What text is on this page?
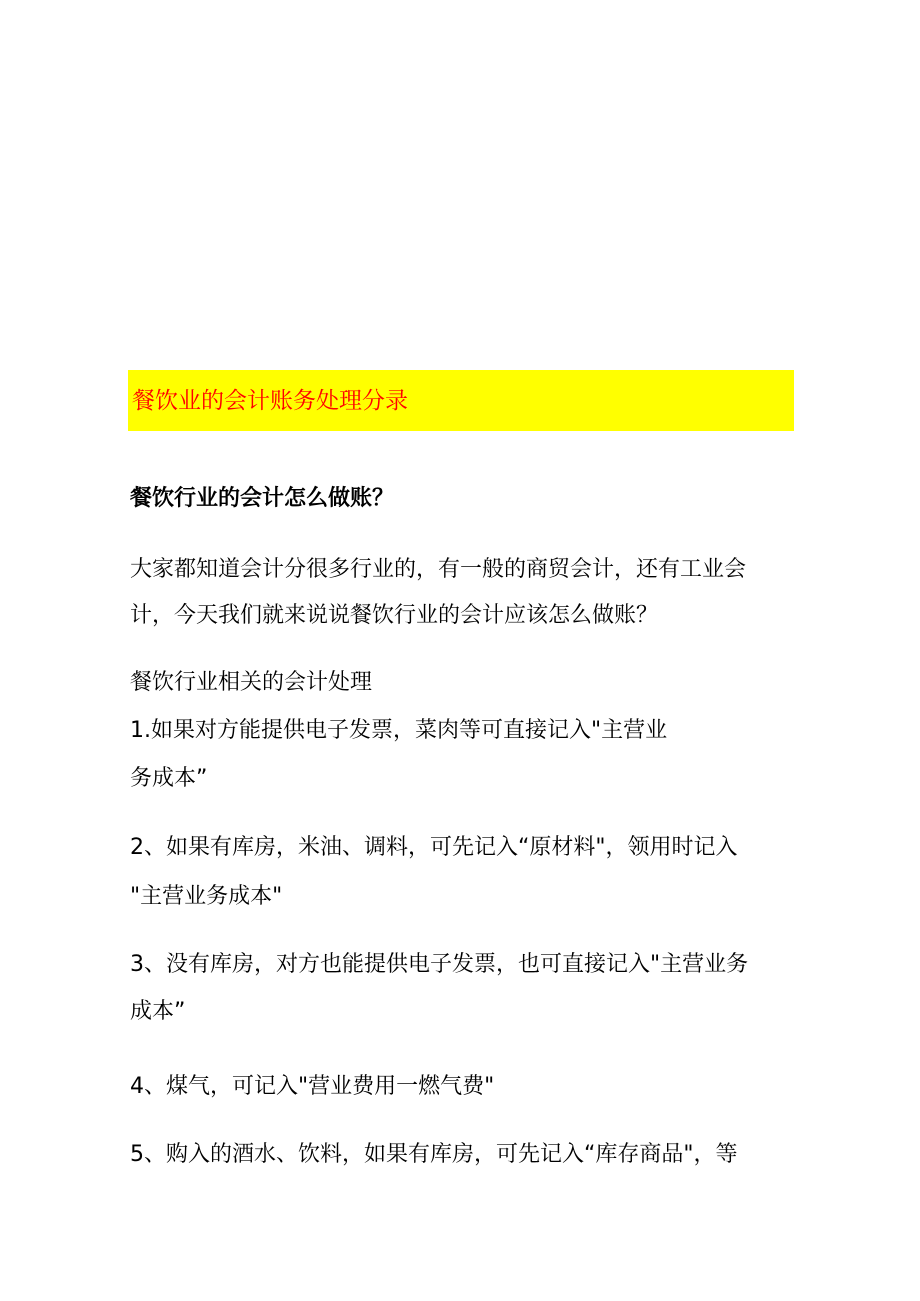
餐饮业的会计账务处理分录
餐饮行业的会计怎么做账？
大家都知道会计分很多行业的，有一般的商贸会计，还有工业会
计，今天我们就来说说餐饮行业的会计应该怎么做账？
餐饮行业相关的会计处理
1.如果对方能提供电子发票，菜肉等可直接记入"主营业
务成本”
2、如果有库房，米油、调料，可先记入“原材料"，领用时记入
"主营业务成本"
3、没有库房，对方也能提供电子发票，也可直接记入"主营业务
成本”
4、煤气，可记入"营业费用一燃气费"
5、购入的酒水、饮料，如果有库房，可先记入“库存商品"，等
